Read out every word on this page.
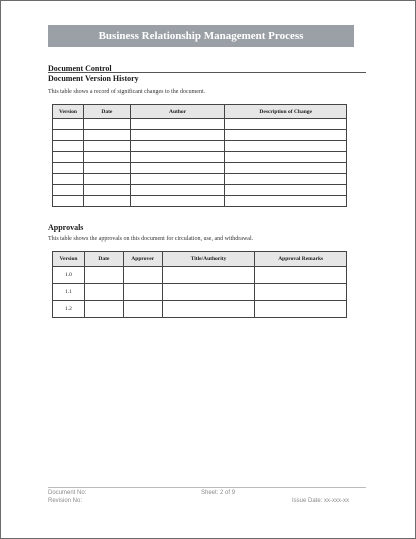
Business Relationship Management Process
Document Control
Document Version History
This table shows a record of significant changes to the document.
Version	Date	Author	Description of Change

Approvals
This table shows the approvals on this document for circulation, use, and withdrawal.
Version	Date	Approver	Title/Authority	Approval Remarks
1.0				
1.1				
1.2				
Document No:
Revision No:
Sheet: 2 of 9
Issue Date: xx-xxx-xx
